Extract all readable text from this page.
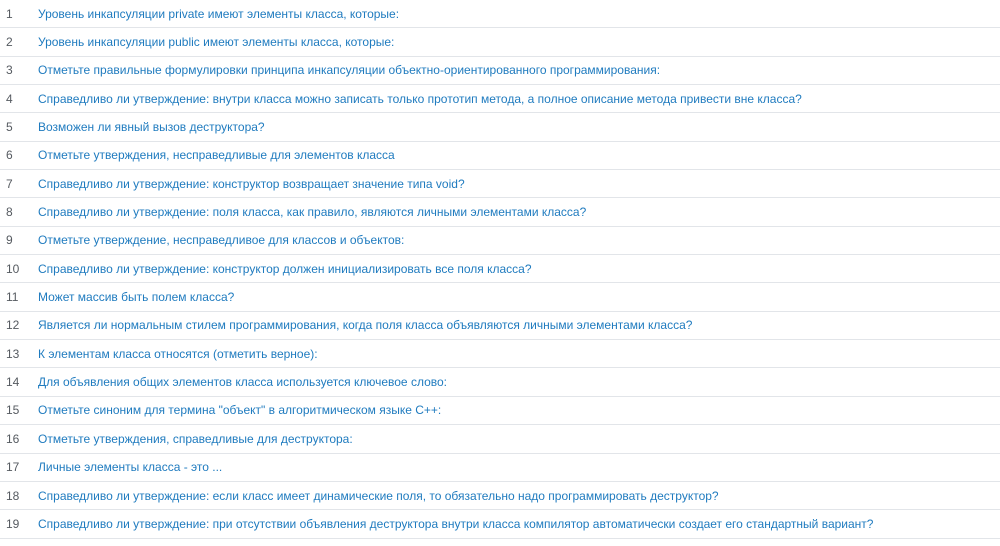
1 Уровень инкапсуляции private имеют элементы класса, которые:
2 Уровень инкапсуляции public имеют элементы класса, которые:
3 Отметьте правильные формулировки принципа инкапсуляции объектно-ориентированного программирования:
4 Справедливо ли утверждение: внутри класса можно записать только прототип метода, а полное описание метода привести вне класса?
5 Возможен ли явный вызов деструктора?
6 Отметьте утверждения, несправедливые для элементов класса
7 Справедливо ли утверждение: конструктор возвращает значение типа void?
8 Справедливо ли утверждение: поля класса, как правило, являются личными элементами класса?
9 Отметьте утверждение, несправедливое для классов и объектов:
10 Справедливо ли утверждение: конструктор должен инициализировать все поля класса?
11 Может массив быть полем класса?
12 Является ли нормальным стилем программирования, когда поля класса объявляются личными элементами класса?
13 К элементам класса относятся (отметить верное):
14 Для объявления общих элементов класса используется ключевое слово:
15 Отметьте синоним для термина "объект" в алгоритмическом языке C++:
16 Отметьте утверждения, справедливые для деструктора:
17 Личные элементы класса - это ...
18 Справедливо ли утверждение: если класс имеет динамические поля, то обязательно надо программировать деструктор?
19 Справедливо ли утверждение: при отсутствии объявления деструктора внутри класса компилятор автоматически создает его стандартный вариант?
